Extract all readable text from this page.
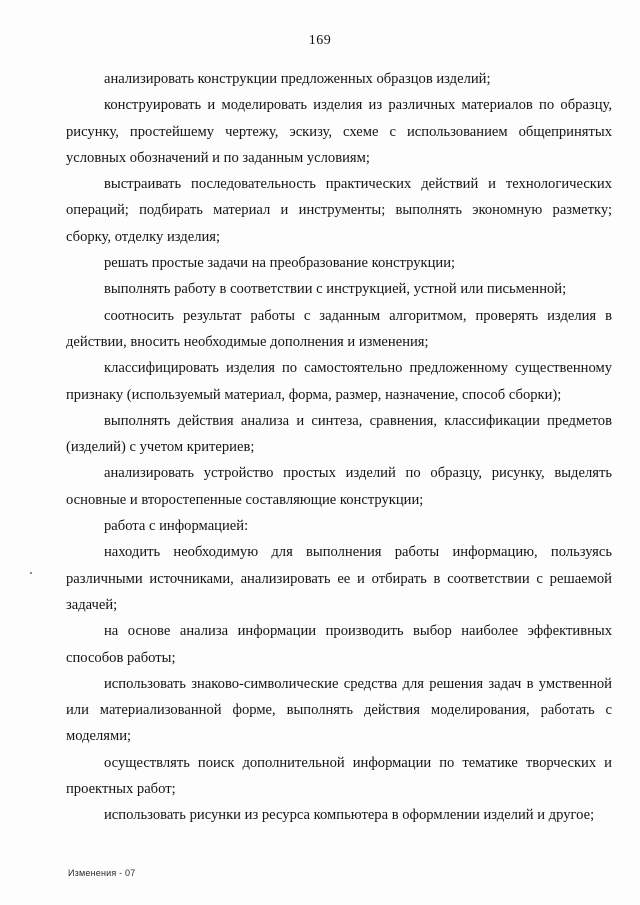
169

анализировать конструкции предложенных образцов изделий;

конструировать и моделировать изделия из различных материалов по образцу, рисунку, простейшему чертежу, эскизу, схеме с использованием общепринятых условных обозначений и по заданным условиям;

выстраивать последовательность практических действий и технологических операций; подбирать материал и инструменты; выполнять экономную разметку; сборку, отделку изделия;

решать простые задачи на преобразование конструкции;

выполнять работу в соответствии с инструкцией, устной или письменной;

соотносить результат работы с заданным алгоритмом, проверять изделия в действии, вносить необходимые дополнения и изменения;

классифицировать изделия по самостоятельно предложенному существенному признаку (используемый материал, форма, размер, назначение, способ сборки);

выполнять действия анализа и синтеза, сравнения, классификации предметов (изделий) с учетом критериев;

анализировать устройство простых изделий по образцу, рисунку, выделять основные и второстепенные составляющие конструкции;

работа с информацией:

находить необходимую для выполнения работы информацию, пользуясь различными источниками, анализировать ее и отбирать в соответствии с решаемой задачей;

на основе анализа информации производить выбор наиболее эффективных способов работы;

использовать знаково-символические средства для решения задач в умственной или материализованной форме, выполнять действия моделирования, работать с моделями;

осуществлять поиск дополнительной информации по тематике творческих и проектных работ;

использовать рисунки из ресурса компьютера в оформлении изделий и другое;

Изменения - 07
